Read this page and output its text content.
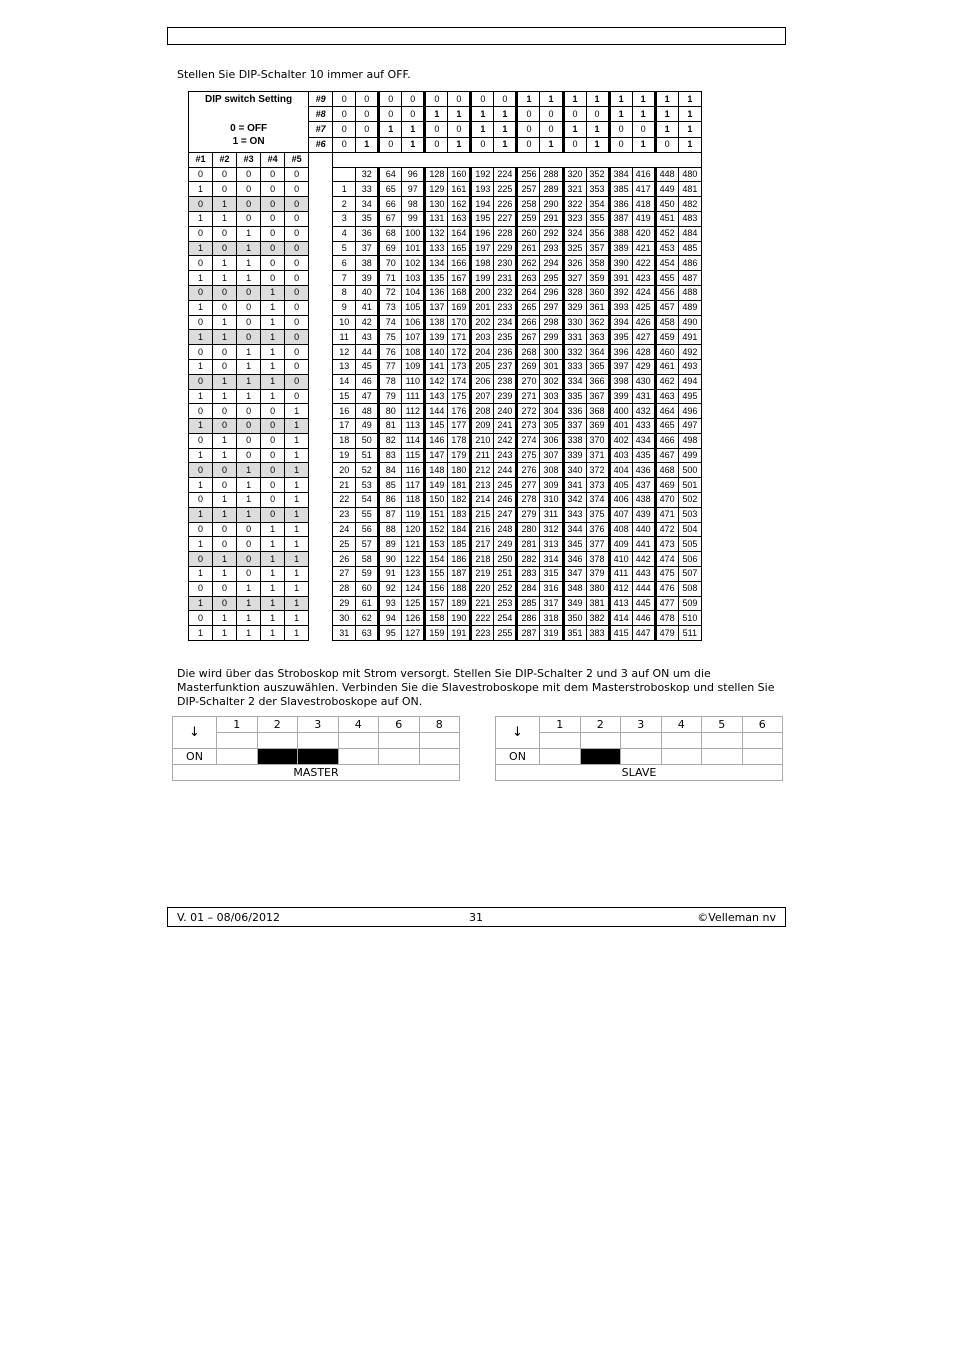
Stellen Sie DIP-Schalter 10 immer auf OFF.
DIP switch Setting
0 = OFF
1 = ON					#9	0	0	0	0	0	0	0	0	1	1	1	1	1	1	1	1
					#8	0	0	0	0	1	1	1	1	0	0	0	0	1	1	1	1
					#7	0	0	1	1	0	0	1	1	0	0	1	1	0	0	1	1
					#6	0	1	0	1	0	1	0	1	0	1	0	1	0	1	0	1
#1	#2	#3	#4	#5																	
0	0	0	0	0			32	64	96	128	160	192	224	256	288	320	352	384	416	448	480
1	0	0	0	0		1	33	65	97	129	161	193	225	257	289	321	353	385	417	449	481
0	1	0	0	0		2	34	66	98	130	162	194	226	258	290	322	354	386	418	450	482
1	1	0	0	0		3	35	67	99	131	163	195	227	259	291	323	355	387	419	451	483
0	0	1	0	0		4	36	68	100	132	164	196	228	260	292	324	356	388	420	452	484
1	0	1	0	0		5	37	69	101	133	165	197	229	261	293	325	357	389	421	453	485
0	1	1	0	0		6	38	70	102	134	166	198	230	262	294	326	358	390	422	454	486
1	1	1	0	0		7	39	71	103	135	167	199	231	263	295	327	359	391	423	455	487
0	0	0	1	0		8	40	72	104	136	168	200	232	264	296	328	360	392	424	456	488
1	0	0	1	0		9	41	73	105	137	169	201	233	265	297	329	361	393	425	457	489
0	1	0	1	0		10	42	74	106	138	170	202	234	266	298	330	362	394	426	458	490
1	1	0	1	0		11	43	75	107	139	171	203	235	267	299	331	363	395	427	459	491
0	0	1	1	0		12	44	76	108	140	172	204	236	268	300	332	364	396	428	460	492
1	0	1	1	0		13	45	77	109	141	173	205	237	269	301	333	365	397	429	461	493
0	1	1	1	0		14	46	78	110	142	174	206	238	270	302	334	366	398	430	462	494
1	1	1	1	0		15	47	79	111	143	175	207	239	271	303	335	367	399	431	463	495
0	0	0	0	1		16	48	80	112	144	176	208	240	272	304	336	368	400	432	464	496
1	0	0	0	1		17	49	81	113	145	177	209	241	273	305	337	369	401	433	465	497
0	1	0	0	1		18	50	82	114	146	178	210	242	274	306	338	370	402	434	466	498
1	1	0	0	1		19	51	83	115	147	179	211	243	275	307	339	371	403	435	467	499
0	0	1	0	1		20	52	84	116	148	180	212	244	276	308	340	372	404	436	468	500
1	0	1	0	1		21	53	85	117	149	181	213	245	277	309	341	373	405	437	469	501
0	1	1	0	1		22	54	86	118	150	182	214	246	278	310	342	374	406	438	470	502
1	1	1	0	1		23	55	87	119	151	183	215	247	279	311	343	375	407	439	471	503
0	0	0	1	1		24	56	88	120	152	184	216	248	280	312	344	376	408	440	472	504
1	0	0	1	1		25	57	89	121	153	185	217	249	281	313	345	377	409	441	473	505
0	1	0	1	1		26	58	90	122	154	186	218	250	282	314	346	378	410	442	474	506
1	1	0	1	1		27	59	91	123	155	187	219	251	283	315	347	379	411	443	475	507
0	0	1	1	1		28	60	92	124	156	188	220	252	284	316	348	380	412	444	476	508
1	0	1	1	1		29	61	93	125	157	189	221	253	285	317	349	381	413	445	477	509
0	1	1	1	1		30	62	94	126	158	190	222	254	286	318	350	382	414	446	478	510
1	1	1	1	1		31	63	95	127	159	191	223	255	287	319	351	383	415	447	479	511
Die wird über das Stroboskop mit Strom versorgt. Stellen Sie DIP-Schalter 2 und 3 auf ON um die Masterfunktion auszuwählen. Verbinden Sie die Slavestroboskope mit dem Masterstroboskop und stellen Sie DIP-Schalter 2 der Slavestroboskope auf ON.
↓	1	2	3	4	6	8

ON						
MASTER						
↓	1	2	3	4	5	6

ON						
SLAVE						
V. 01 – 08/06/2012	31	©Velleman nv
